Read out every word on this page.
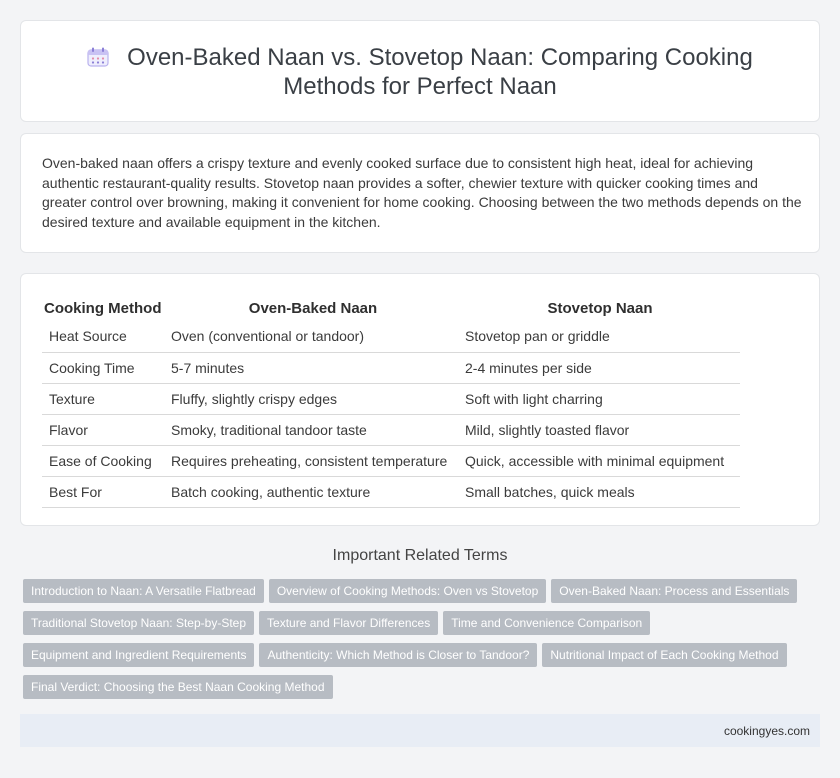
Oven-Baked Naan vs. Stovetop Naan: Comparing Cooking
Methods for Perfect Naan

Oven-baked naan offers a crispy texture and evenly cooked surface due to consistent high heat, ideal for achieving authentic restaurant-quality results. Stovetop naan provides a softer, chewier texture with quicker cooking times and greater control over browning, making it convenient for home cooking. Choosing between the two methods depends on the desired texture and available equipment in the kitchen.

Cooking Method	Oven-Baked Naan	Stovetop Naan
Heat Source	Oven (conventional or tandoor)	Stovetop pan or griddle
Cooking Time	5-7 minutes	2-4 minutes per side
Texture	Fluffy, slightly crispy edges	Soft with light charring
Flavor	Smoky, traditional tandoor taste	Mild, slightly toasted flavor
Ease of Cooking	Requires preheating, consistent temperature	Quick, accessible with minimal equipment
Best For	Batch cooking, authentic texture	Small batches, quick meals
Important Related Terms
Introduction to Naan: A Versatile Flatbread Overview of Cooking Methods: Oven vs Stovetop Oven-Baked Naan: Process and Essentials
Traditional Stovetop Naan: Step-by-Step Texture and Flavor Differences Time and Convenience Comparison
Equipment and Ingredient Requirements Authenticity: Which Method is Closer to Tandoor? Nutritional Impact of Each Cooking Method
Final Verdict: Choosing the Best Naan Cooking Method
cookingyes.com
